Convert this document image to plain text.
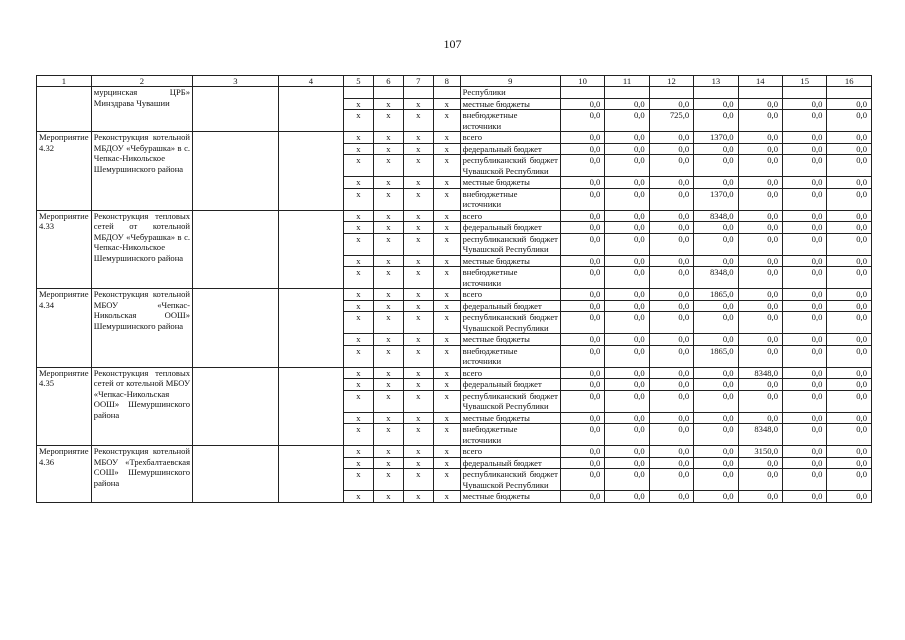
107
1	2	3	4	5	6	7	8	9	10	11	12	13	14	15	16
	мурцинская ЦРБ» Минздрава Чувашии							Республики							
				x	x	x	x	местные бюджеты	0,0	0,0	0,0	0,0	0,0	0,0	0,0
				x	x	x	x	внебюджетные источники	0,0	0,0	725,0	0,0	0,0	0,0	0,0
Мероприятие 4.32	Реконструкция котельной МБДОУ «Чебурашка» в с. Чепкас-Никольское Шемуршинского района			x	x	x	x	всего	0,0	0,0	0,0	1370,0	0,0	0,0	0,0
				x	x	x	x	федеральный бюджет	0,0	0,0	0,0	0,0	0,0	0,0	0,0
				x	x	x	x	республиканский бюджет Чувашской Республики	0,0	0,0	0,0	0,0	0,0	0,0	0,0
				x	x	x	x	местные бюджеты	0,0	0,0	0,0	0,0	0,0	0,0	0,0
				x	x	x	x	внебюджетные источники	0,0	0,0	0,0	1370,0	0,0	0,0	0,0
Мероприятие 4.33	Реконструкция тепловых сетей от котельной МБДОУ «Чебурашка» в с. Чепкас-Никольское Шемуршинского района			x	x	x	x	всего	0,0	0,0	0,0	8348,0	0,0	0,0	0,0
				x	x	x	x	федеральный бюджет	0,0	0,0	0,0	0,0	0,0	0,0	0,0
				x	x	x	x	республиканский бюджет Чувашской Республики	0,0	0,0	0,0	0,0	0,0	0,0	0,0
				x	x	x	x	местные бюджеты	0,0	0,0	0,0	0,0	0,0	0,0	0,0
				x	x	x	x	внебюджетные источники	0,0	0,0	0,0	8348,0	0,0	0,0	0,0
Мероприятие 4.34	Реконструкция котельной МБОУ «Чепкас-Никольская ООШ» Шемуршинского района			x	x	x	x	всего	0,0	0,0	0,0	1865,0	0,0	0,0	0,0
				x	x	x	x	федеральный бюджет	0,0	0,0	0,0	0,0	0,0	0,0	0,0
				x	x	x	x	республиканский бюджет Чувашской Республики	0,0	0,0	0,0	0,0	0,0	0,0	0,0
				x	x	x	x	местные бюджеты	0,0	0,0	0,0	0,0	0,0	0,0	0,0
				x	x	x	x	внебюджетные источники	0,0	0,0	0,0	1865,0	0,0	0,0	0,0
Мероприятие 4.35	Реконструкция тепловых сетей от котельной МБОУ «Чепкас-Никольская ООШ» Шемуршинского района			x	x	x	x	всего	0,0	0,0	0,0	0,0	8348,0	0,0	0,0
				x	x	x	x	федеральный бюджет	0,0	0,0	0,0	0,0	0,0	0,0	0,0
				x	x	x	x	республиканский бюджет Чувашской Республики	0,0	0,0	0,0	0,0	0,0	0,0	0,0
				x	x	x	x	местные бюджеты	0,0	0,0	0,0	0,0	0,0	0,0	0,0
				x	x	x	x	внебюджетные источники	0,0	0,0	0,0	0,0	8348,0	0,0	0,0
Мероприятие 4.36	Реконструкция котельной МБОУ «Трехбалтаевская СОШ» Шемуршинского района			x	x	x	x	всего	0,0	0,0	0,0	0,0	3150,0	0,0	0,0
				x	x	x	x	федеральный бюджет	0,0	0,0	0,0	0,0	0,0	0,0	0,0
				x	x	x	x	республиканский бюджет Чувашской Республики	0,0	0,0	0,0	0,0	0,0	0,0	0,0
				x	x	x	x	местные бюджеты	0,0	0,0	0,0	0,0	0,0	0,0	0,0
